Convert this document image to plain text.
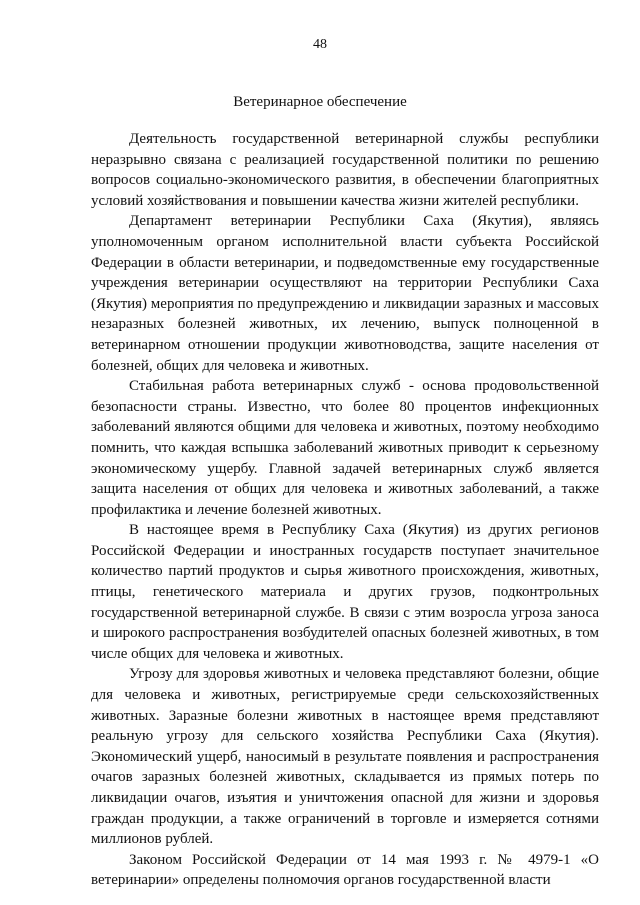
48
Ветеринарное обеспечение

Деятельность государственной ветеринарной службы республики неразрывно связана с реализацией государственной политики по решению вопросов социально-экономического развития, в обеспечении благоприятных условий хозяйствования и повышении качества жизни жителей республики.

Департамент ветеринарии Республики Саха (Якутия), являясь уполномоченным органом исполнительной власти субъекта Российской Федерации в области ветеринарии, и подведомственные ему государственные учреждения ветеринарии осуществляют на территории Республики Саха (Якутия) мероприятия по предупреждению и ликвидации заразных и массовых незаразных болезней животных, их лечению, выпуск полноценной в ветеринарном отношении продукции животноводства, защите населения от болезней, общих для человека и животных.

Стабильная работа ветеринарных служб - основа продовольственной безопасности страны. Известно, что более 80 процентов инфекционных заболеваний являются общими для человека и животных, поэтому необходимо помнить, что каждая вспышка заболеваний животных приводит к серьезному экономическому ущербу. Главной задачей ветеринарных служб является защита населения от общих для человека и животных заболеваний, а также профилактика и лечение болезней животных.

В настоящее время в Республику Саха (Якутия) из других регионов Российской Федерации и иностранных государств поступает значительное количество партий продуктов и сырья животного происхождения, животных, птицы, генетического материала и других грузов, подконтрольных государственной ветеринарной службе. В связи с этим возросла угроза заноса и широкого распространения возбудителей опасных болезней животных, в том числе общих для человека и животных.

Угрозу для здоровья животных и человека представляют болезни, общие для человека и животных, регистрируемые среди сельскохозяйственных животных. Заразные болезни животных в настоящее время представляют реальную угрозу для сельского хозяйства Республики Саха (Якутия). Экономический ущерб, наносимый в результате появления и распространения очагов заразных болезней животных, складывается из прямых потерь по ликвидации очагов, изъятия и уничтожения опасной для жизни и здоровья граждан продукции, а также ограничений в торговле и измеряется сотнями миллионов рублей.

Законом Российской Федерации от 14 мая 1993 г. № 4979-1 «О ветеринарии» определены полномочия органов государственной власти
